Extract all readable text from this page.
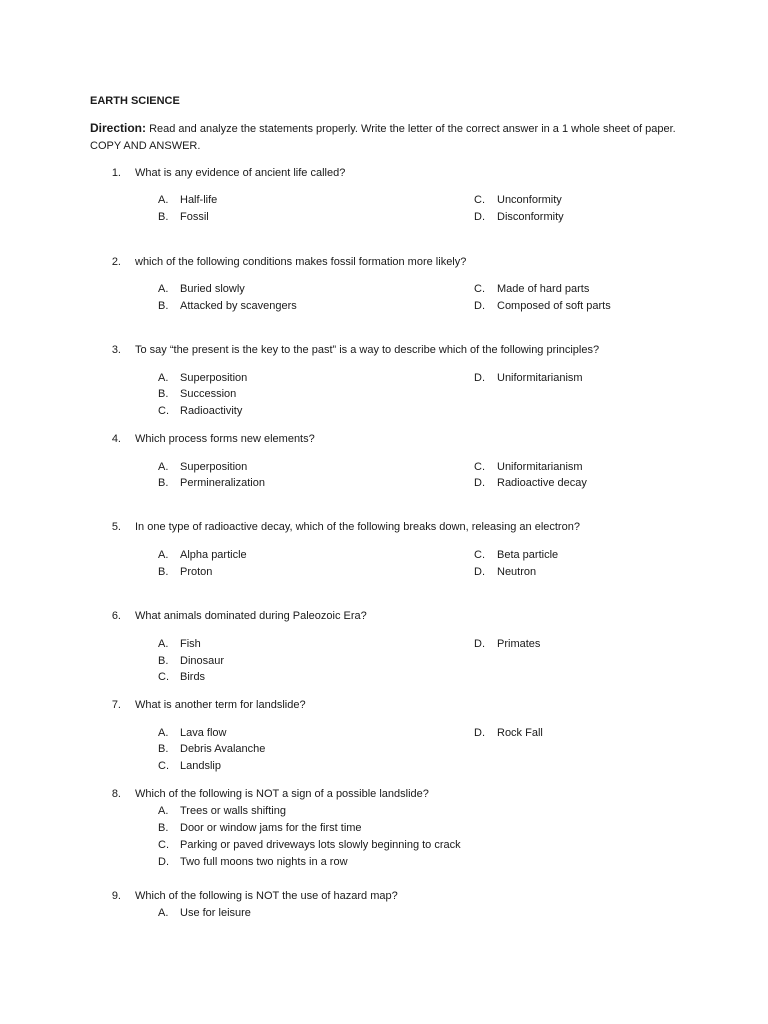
EARTH SCIENCE
Direction: Read and analyze the statements properly. Write the letter of the correct answer in a 1 whole sheet of paper. COPY AND ANSWER.
1. What is any evidence of ancient life called?
A.	Half-life
B.	Fossil
C. Unconformity
D. Disconformity
2. which of the following conditions makes fossil formation more likely?
A.	Buried slowly
B.	Attacked by scavengers
C. Made of hard parts
D. Composed of soft parts
3. To say “the present is the key to the past” is a way to describe which of the following principles?
A.	Superposition
B.	Succession
C. Radioactivity
D. Uniformitarianism
4. Which process forms new elements?
A.	Superposition
B.	Permineralization
C. Uniformitarianism
D. Radioactive decay
5. In one type of radioactive decay, which of the following breaks down, releasing an electron?
A.	Alpha particle
B.	Proton
C. Beta particle
D. Neutron
6. What animals dominated during Paleozoic Era?
A.	Fish
B.	Dinosaur
C. Birds
D. Primates
7. What is another term for landslide?
A.	Lava flow
B.	Debris Avalanche
C. Landslip
D. Rock Fall
8. Which of the following is NOT a sign of a possible landslide?
A.	Trees or walls shifting
B.	Door or window jams for the first time
C. Parking or paved driveways lots slowly beginning to crack
D. Two full moons two nights in a row
9. Which of the following is NOT the use of hazard map?
A.	Use for leisure
